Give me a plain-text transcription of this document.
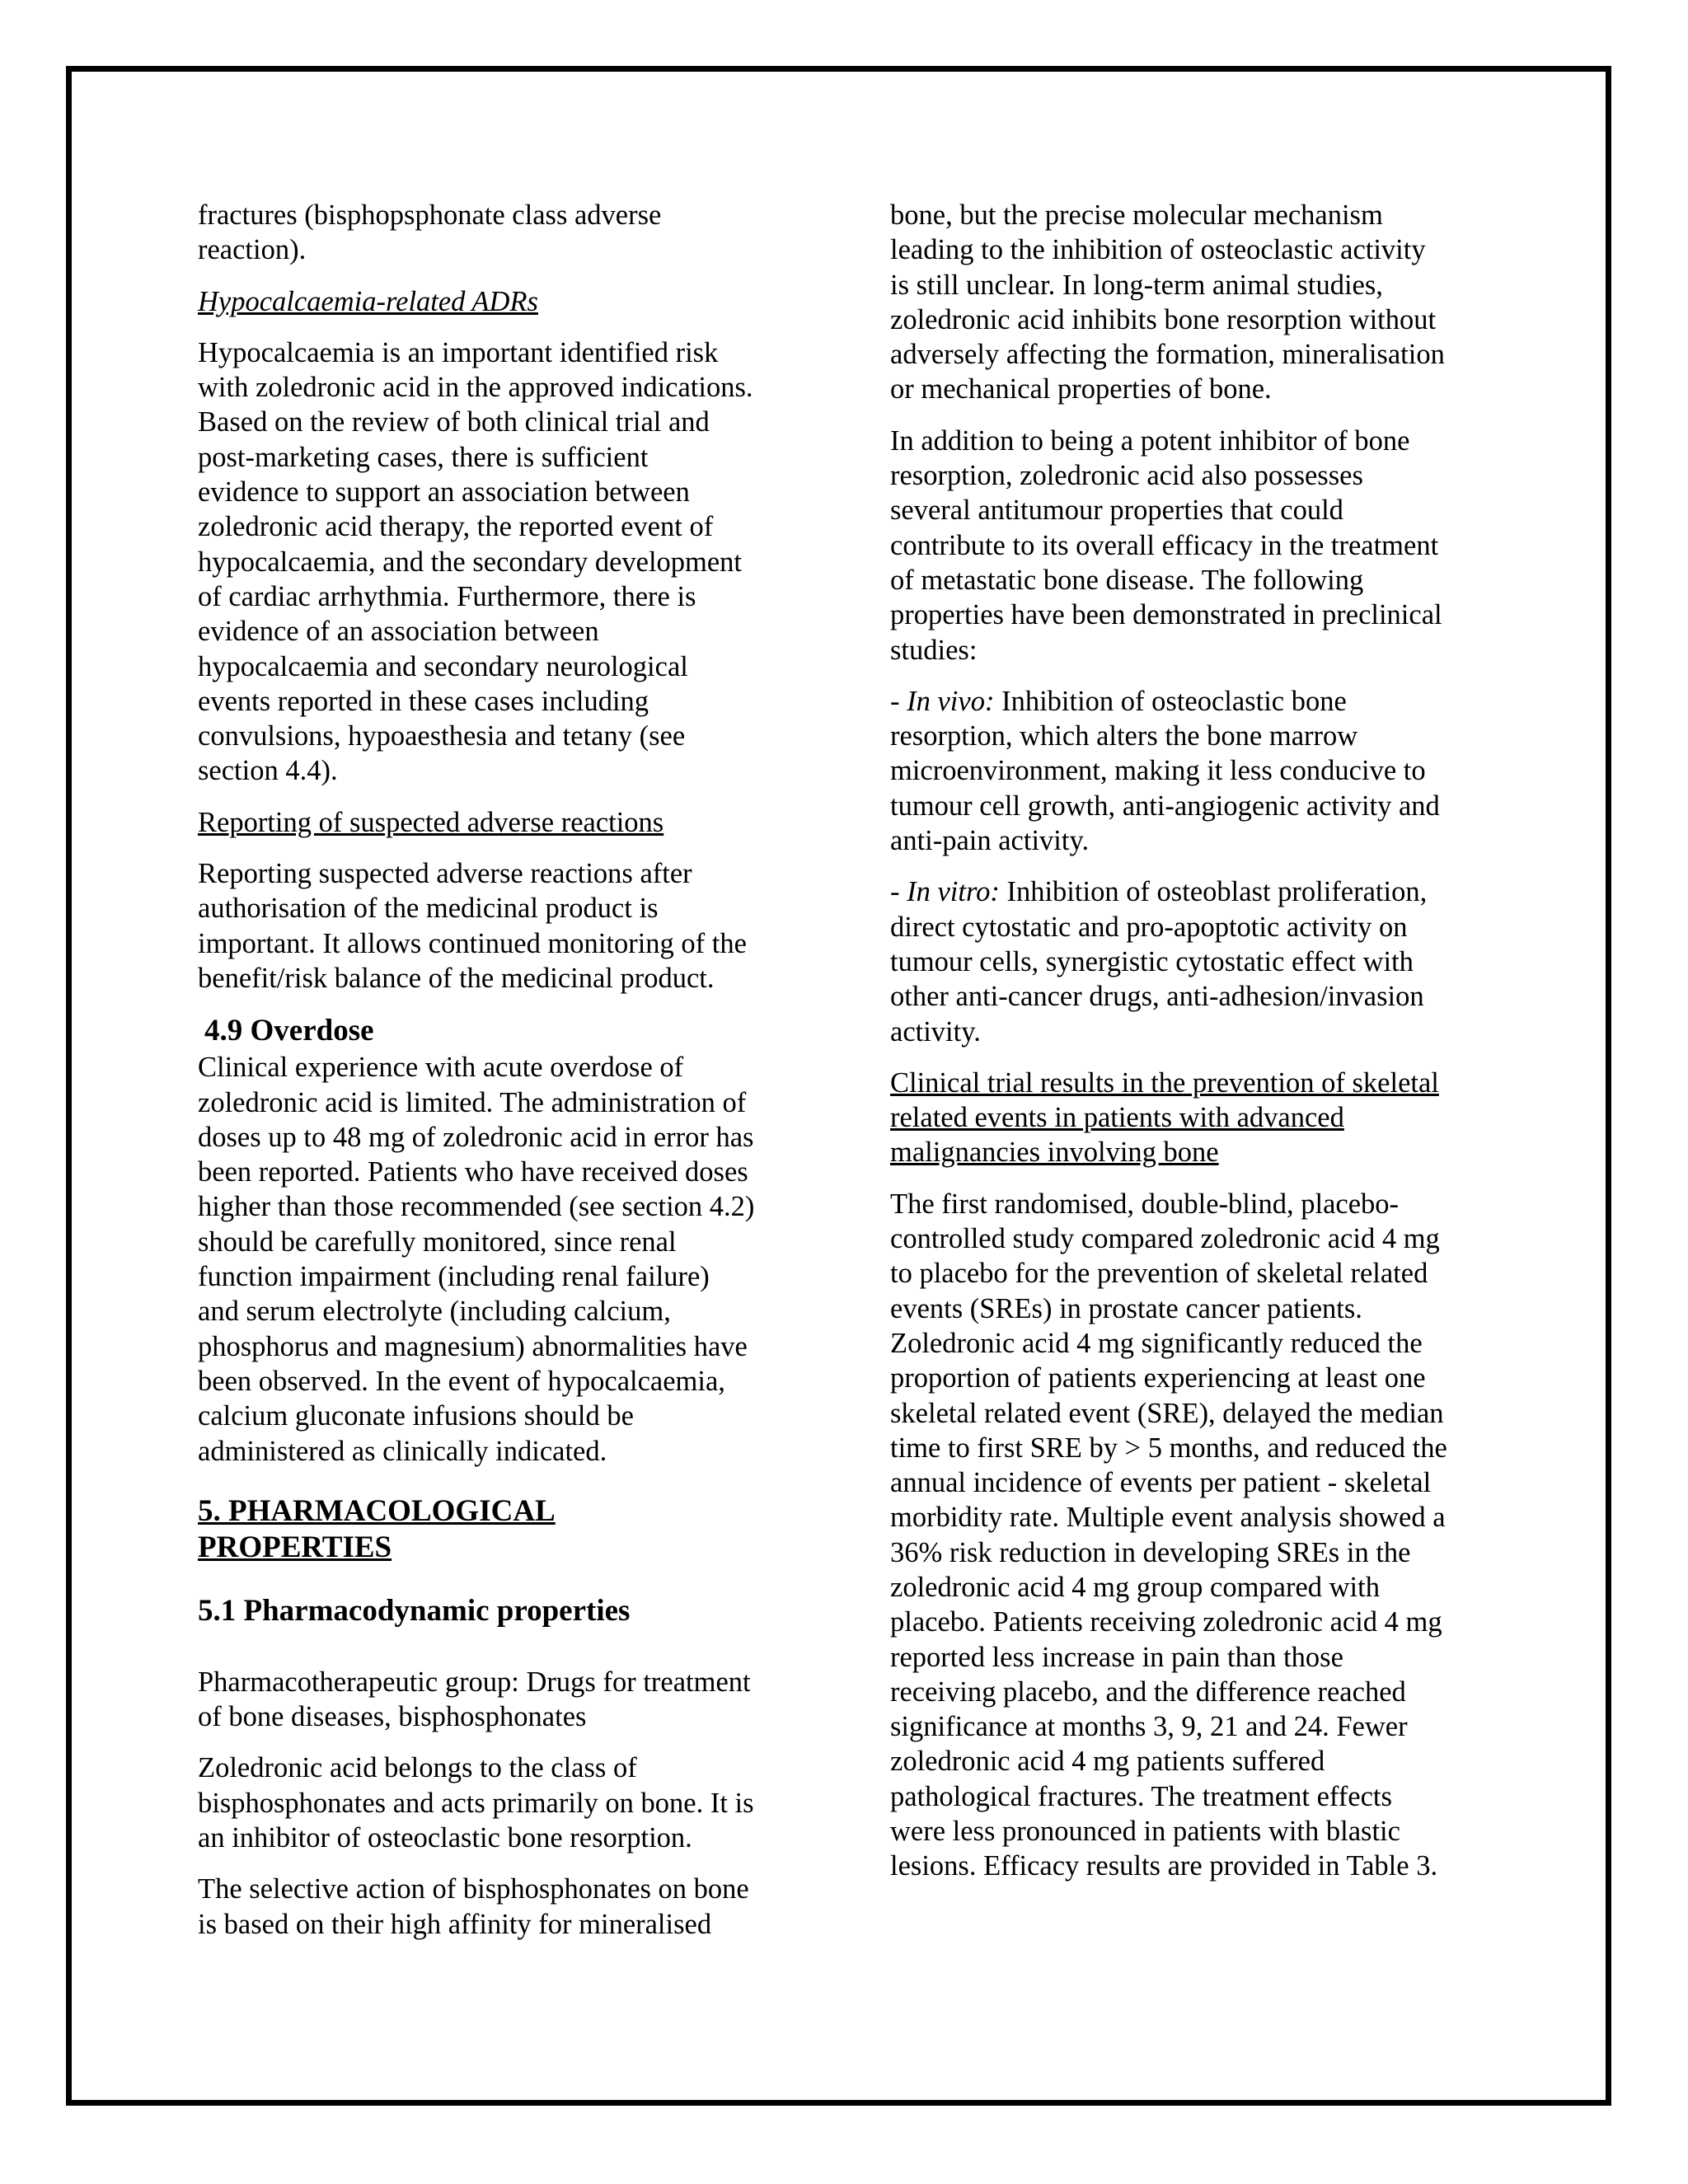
fractures (bisphopsphonate class adverse
reaction).

Hypocalcaemia-related ADRs

Hypocalcaemia is an important identified risk
with zoledronic acid in the approved indications.
Based on the review of both clinical trial and
post-marketing cases, there is sufficient
evidence to support an association between
zoledronic acid therapy, the reported event of
hypocalcaemia, and the secondary development
of cardiac arrhythmia. Furthermore, there is
evidence of an association between
hypocalcaemia and secondary neurological
events reported in these cases including
convulsions, hypoaesthesia and tetany (see
section 4.4).

Reporting of suspected adverse reactions

Reporting suspected adverse reactions after
authorisation of the medicinal product is
important. It allows continued monitoring of the
benefit/risk balance of the medicinal product.

4.9 Overdose

Clinical experience with acute overdose of
zoledronic acid is limited. The administration of
doses up to 48 mg of zoledronic acid in error has
been reported. Patients who have received doses
higher than those recommended (see section 4.2)
should be carefully monitored, since renal
function impairment (including renal failure)
and serum electrolyte (including calcium,
phosphorus and magnesium) abnormalities have
been observed. In the event of hypocalcaemia,
calcium gluconate infusions should be
administered as clinically indicated.

5. PHARMACOLOGICAL
PROPERTIES

5.1 Pharmacodynamic properties

Pharmacotherapeutic group: Drugs for treatment
of bone diseases, bisphosphonates

Zoledronic acid belongs to the class of
bisphosphonates and acts primarily on bone. It is
an inhibitor of osteoclastic bone resorption.

The selective action of bisphosphonates on bone
is based on their high affinity for mineralised

bone, but the precise molecular mechanism
leading to the inhibition of osteoclastic activity
is still unclear. In long-term animal studies,
zoledronic acid inhibits bone resorption without
adversely affecting the formation, mineralisation
or mechanical properties of bone.

In addition to being a potent inhibitor of bone
resorption, zoledronic acid also possesses
several antitumour properties that could
contribute to its overall efficacy in the treatment
of metastatic bone disease. The following
properties have been demonstrated in preclinical
studies:

- In vivo: Inhibition of osteoclastic bone
resorption, which alters the bone marrow
microenvironment, making it less conducive to
tumour cell growth, anti-angiogenic activity and
anti-pain activity.

- In vitro: Inhibition of osteoblast proliferation,
direct cytostatic and pro-apoptotic activity on
tumour cells, synergistic cytostatic effect with
other anti-cancer drugs, anti-adhesion/invasion
activity.

Clinical trial results in the prevention of skeletal
related events in patients with advanced
malignancies involving bone

The first randomised, double-blind, placebo-
controlled study compared zoledronic acid 4 mg
to placebo for the prevention of skeletal related
events (SREs) in prostate cancer patients.
Zoledronic acid 4 mg significantly reduced the
proportion of patients experiencing at least one
skeletal related event (SRE), delayed the median
time to first SRE by > 5 months, and reduced the
annual incidence of events per patient - skeletal
morbidity rate. Multiple event analysis showed a
36% risk reduction in developing SREs in the
zoledronic acid 4 mg group compared with
placebo. Patients receiving zoledronic acid 4 mg
reported less increase in pain than those
receiving placebo, and the difference reached
significance at months 3, 9, 21 and 24. Fewer
zoledronic acid 4 mg patients suffered
pathological fractures. The treatment effects
were less pronounced in patients with blastic
lesions. Efficacy results are provided in Table 3.
